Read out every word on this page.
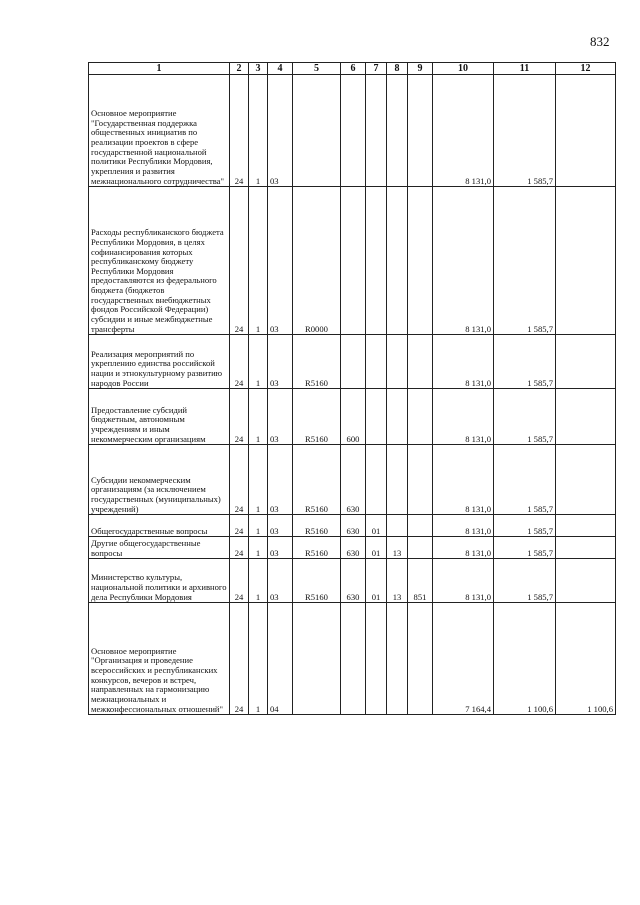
832
1	2	3	4	5	6	7	8	9	10	11	12
Основное мероприятие "Государственная поддержка общественных инициатив по реализации проектов в сфере государственной национальной политики Республики Мордовия, укрепления и развития межнационального сотрудничества"	24	1	03						8 131,0	1 585,7	
Расходы республиканского бюджета Республики Мордовия, в целях софинансирования которых республиканскому бюджету Республики Мордовия предоставляются из федерального бюджета (бюджетов государственных внебюджетных фондов Российской Федерации) субсидии и иные межбюджетные трансферты	24	1	03	R0000					8 131,0	1 585,7	
Реализация мероприятий по укреплению единства российской нации и этнокультурному развитию народов России	24	1	03	R5160					8 131,0	1 585,7	
Предоставление субсидий бюджетным, автономным учреждениям и иным некоммерческим организациям	24	1	03	R5160	600				8 131,0	1 585,7	
Субсидии некоммерческим организациям (за исключением государственных (муниципальных) учреждений)	24	1	03	R5160	630				8 131,0	1 585,7	
Общегосударственные вопросы	24	1	03	R5160	630	01			8 131,0	1 585,7	
Другие общегосударственные вопросы	24	1	03	R5160	630	01	13		8 131,0	1 585,7	
Министерство культуры, национальной политики и архивного дела Республики Мордовия	24	1	03	R5160	630	01	13	851	8 131,0	1 585,7	
Основное мероприятие "Организация и проведение всероссийских и республиканских конкурсов, вечеров и встреч, направленных на гармонизацию межнациональных и межконфессиональных отношений"	24	1	04						7 164,4	1 100,6	1 100,6
